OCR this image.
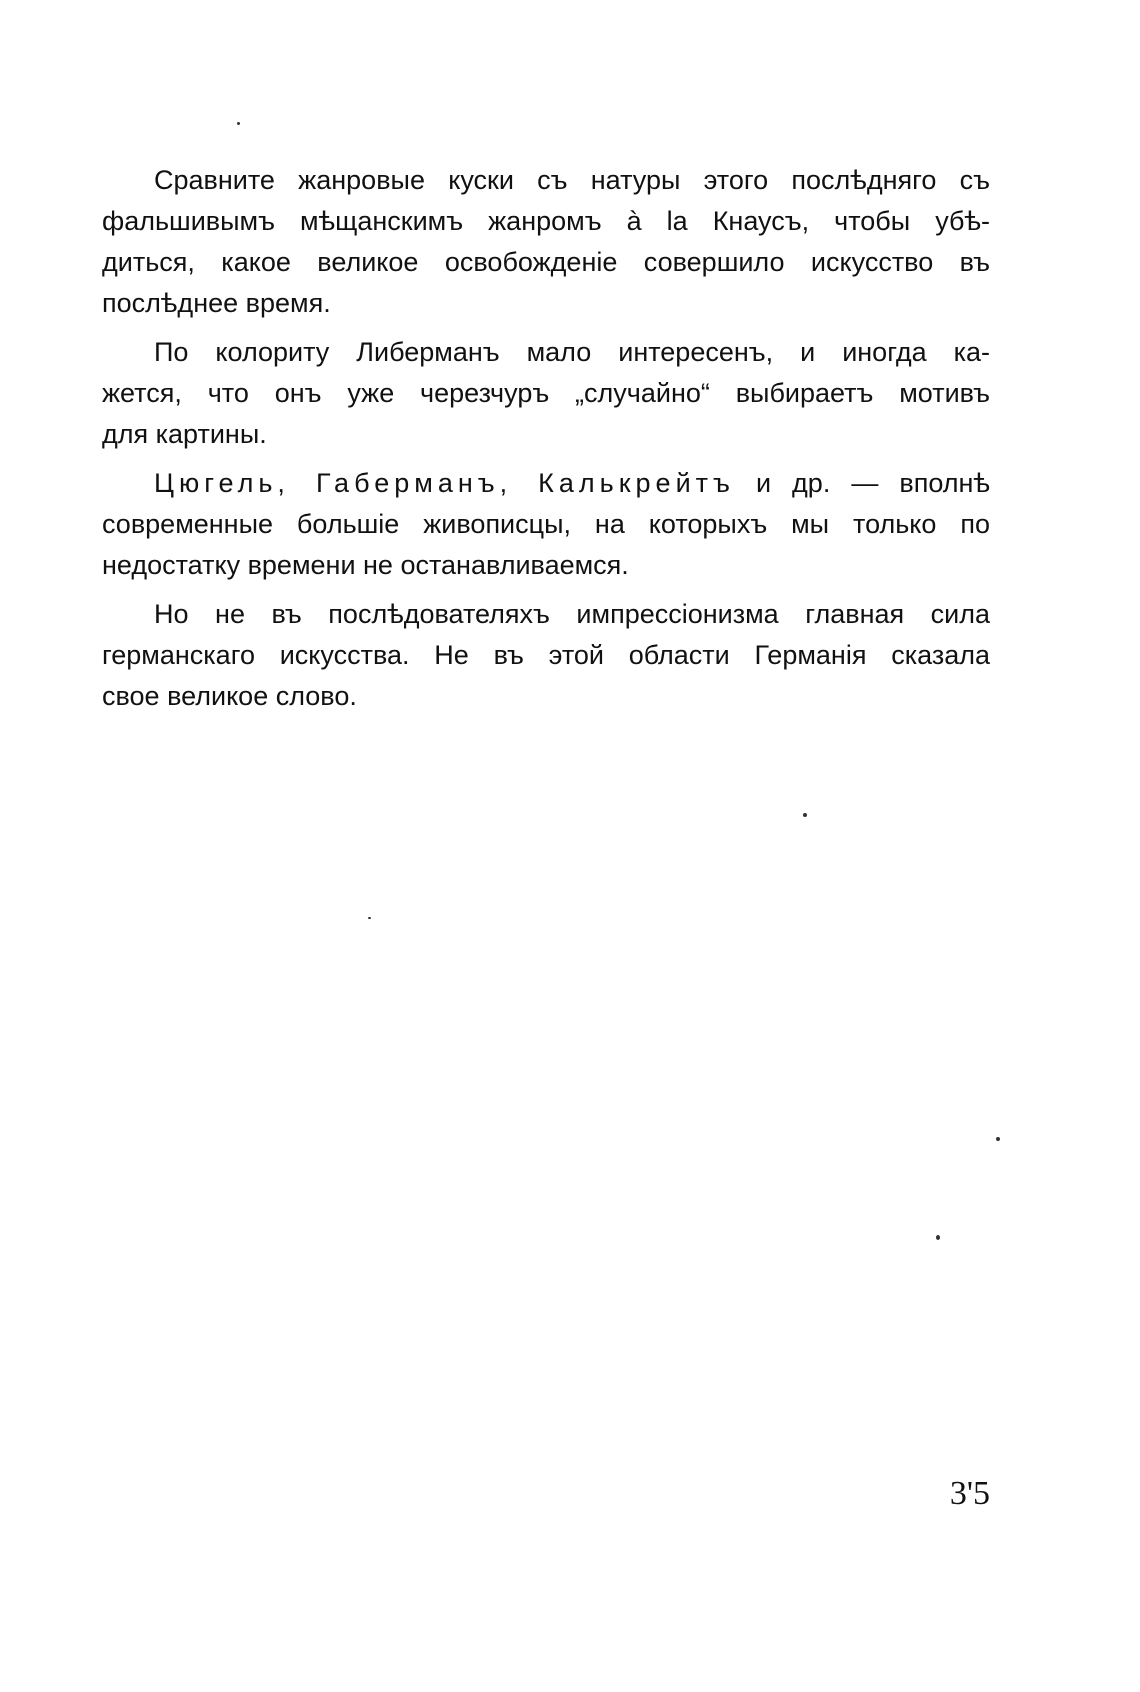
Сравните жанровые куски съ натуры этого послѣдняго съ
фальшивымъ мѣщанскимъ жанромъ à la Кнаусъ, чтобы убѣ-
диться, какое великое освобожденіе совершило искусство въ
послѣднее время.

По колориту Либерманъ мало интересенъ, и иногда ка-
жется, что онъ уже черезчуръ „случайно“ выбираетъ мотивъ
для картины.

Цюгель, Габерманъ, Калькрейтъ и др. — вполнѣ
современные большіе живописцы, на которыхъ мы только по
недостатку времени не останавливаемся.

Но не въ послѣдователяхъ импрессіонизма главная сила
германскаго искусства. Не въ этой области Германія сказала
свое великое слово.

3'5
